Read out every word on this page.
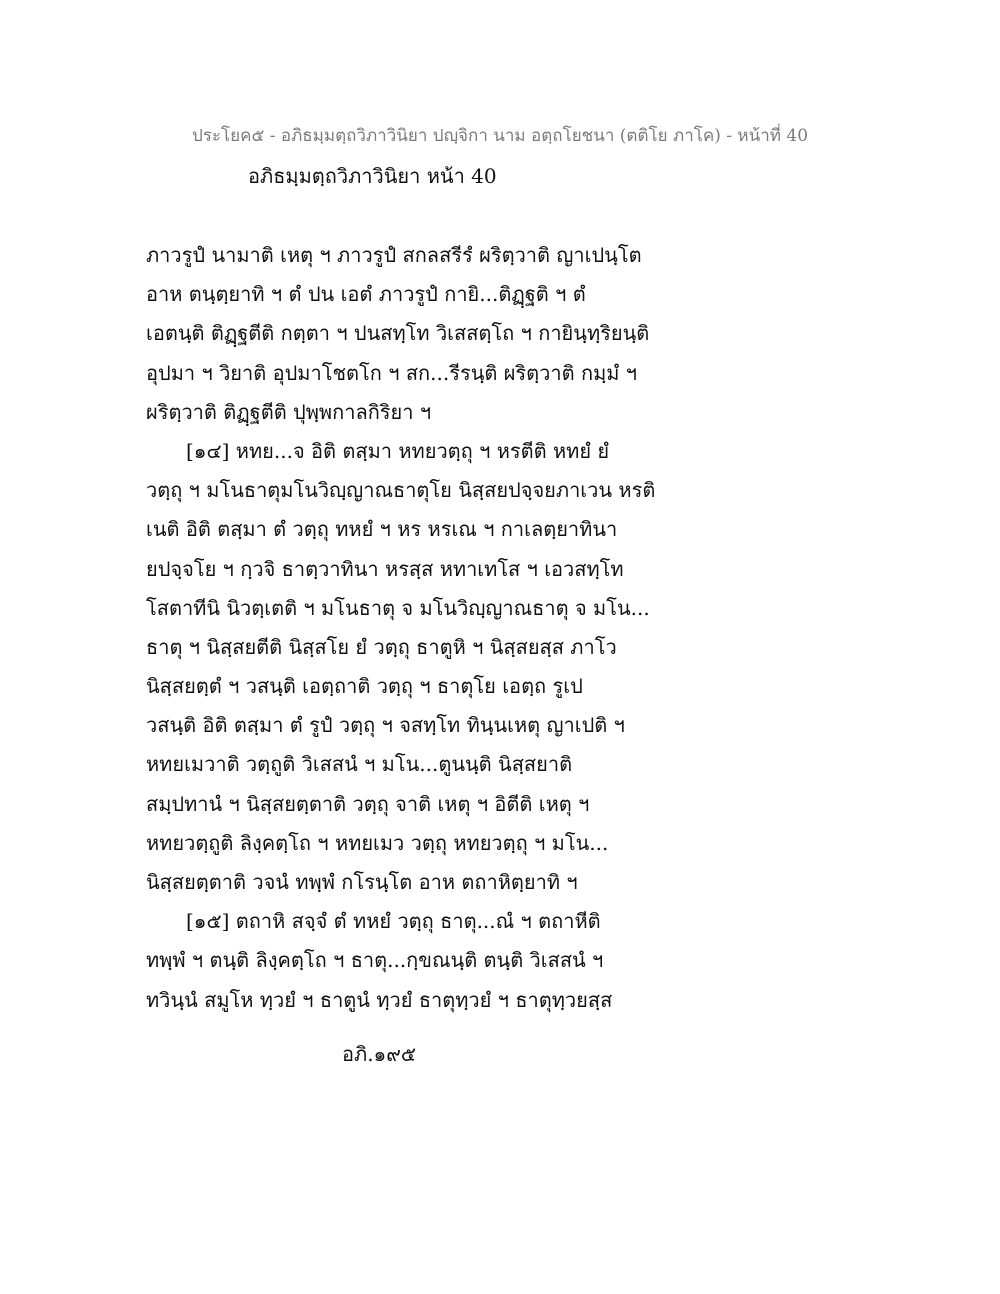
ประโยค๕ - อภิธมฺมตฺถวิภาวินิยา ปญฺจิกา นาม อตฺถโยชนา (ตติโย ภาโค) - หน้าที่ 40
อภิธมฺมตฺถวิภาวินิยา หน้า 40
ภาวรูปํ นามาติ เหตุ ฯ ภาวรูปํ สกลสรีรํ ผริตฺวาติ ญาเปนฺโต
อาห ตนฺตฺยาทิ ฯ ตํ ปน เอตํ ภาวรูปํ กายิ...ติฏฺฐติ ฯ ตํ
เอตนฺติ ติฏฺฐตีติ กตฺตา ฯ ปนสทฺโท วิเสสตฺโถ ฯ กายินฺทฺริยนฺติ
อุปมา ฯ วิยาติ อุปมาโชตโก ฯ สก...รีรนฺติ ผริตฺวาติ กมฺมํ ฯ
ผริตฺวาติ ติฏฺฐตีติ ปุพฺพกาลกิริยา ฯ
[๑๔] หทย...จ อิติ ตสฺมา หทยวตฺถุ ฯ หรตีติ หทยํ ยํ
วตฺถุ ฯ มโนธาตุมโนวิญฺญาณธาตุโย นิสฺสยปจฺจยภาเวน หรติ
เนติ อิติ ตสฺมา ตํ วตฺถุ ทหยํ ฯ หร หรเณ ฯ กาเลตฺยาทินา
ยปจฺจโย ฯ กฺวจิ ธาตฺวาทินา หรสฺส หทาเทโส ฯ เอวสทฺโท
โสตาทีนิ นิวตฺเตติ ฯ มโนธาตุ จ มโนวิญฺญาณธาตุ จ มโน...
ธาตุ ฯ นิสฺสยตีติ นิสฺสโย ยํ วตฺถุ ธาตูหิ ฯ นิสฺสยสฺส ภาโว
นิสฺสยตฺตํ ฯ วสนฺติ เอตฺถาติ วตฺถุ ฯ ธาตุโย เอตฺถ รูเป
วสนฺติ อิติ ตสฺมา ตํ รูปํ วตฺถุ ฯ จสทฺโท ทินฺนเหตุ ญาเปติ ฯ
หทยเมวาติ วตฺถูติ วิเสสนํ ฯ มโน...ตูนนฺติ นิสฺสยาติ
สมฺปทานํ ฯ นิสฺสยตฺตาติ วตฺถุ จาติ เหตุ ฯ อิตีติ เหตุ ฯ
หทยวตฺถูติ ลิงฺคตฺโถ ฯ หทยเมว วตฺถุ หทยวตฺถุ ฯ มโน...
นิสฺสยตฺตาติ วจนํ ทพฺพํ กโรนฺโต อาห ตถาหิตฺยาทิ ฯ
[๑๕] ตถาหิ สจฺจํ ตํ ทหยํ วตฺถุ ธาตุ...ณํ ฯ ตถาหีติ
ทพฺพํ ฯ ตนฺติ ลิงฺคตฺโถ ฯ ธาตุ...กฺขณนฺติ ตนฺติ วิเสสนํ ฯ
ทวินฺนํ สมูโห ทฺวยํ ฯ ธาตูนํ ทฺวยํ ธาตุทฺวยํ ฯ ธาตุทฺวยสฺส
อภิ.๑๙๕
